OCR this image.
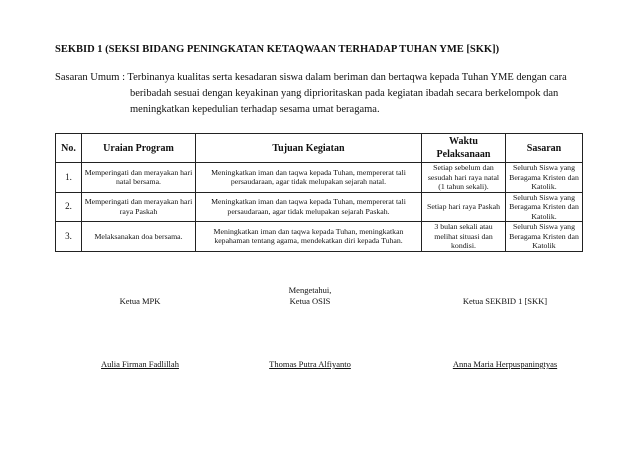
SEKBID 1 (SEKSI BIDANG PENINGKATAN KETAQWAAN TERHADAP TUHAN YME [SKK])
Sasaran Umum : Terbinanya kualitas serta kesadaran siswa dalam beriman dan bertaqwa kepada Tuhan YME dengan cara
beribadah sesuai dengan keyakinan yang diprioritaskan pada kegiatan ibadah secara berkelompok dan
meningkatkan kepedulian terhadap sesama umat beragama.
No.	Uraian Program	Tujuan Kegiatan	Waktu Pelaksanaan	Sasaran
1.	Memperingati dan merayakan hari natal bersama.	Meningkatkan iman dan taqwa kepada Tuhan, mempererat tali persaudaraan, agar tidak melupakan sejarah natal.	Setiap sebelum dan sesudah hari raya natal (1 tahun sekali).	Seluruh Siswa yang Beragama Kristen dan Katolik.
2.	Memperingati dan merayakan hari raya Paskah	Meningkatkan iman dan taqwa kepada Tuhan, mempererat tali persaudaraan, agar tidak melupakan sejarah Paskah.	Setiap hari raya Paskah	Seluruh Siswa yang Beragama Kristen dan Katolik.
3.	Melaksanakan doa bersama.	Meningkatkan iman dan taqwa kepada Tuhan, meningkatkan kepahaman tentang agama, mendekatkan diri kepada Tuhan.	3 bulan sekali atau melihat situasi dan kondisi.	Seluruh Siswa yang Beragama Kristen dan Katolik
Ketua MPK
Aulia Firman Fadlillah
Mengetahui,
Ketua OSIS
Thomas Putra Alfiyanto
Ketua SEKBID 1 [SKK]
Anna Maria Herpuspaningtyas
